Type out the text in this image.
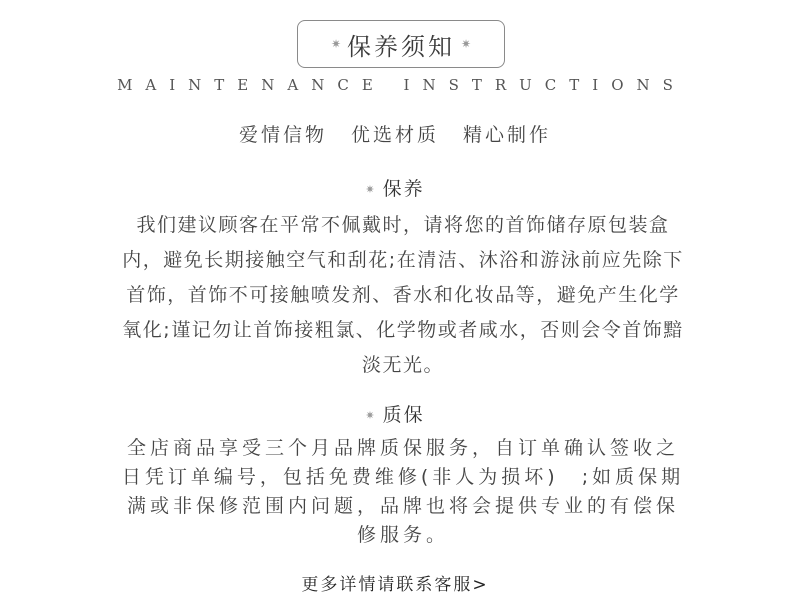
✷ 保养须知 ✷
MAINTENANCE INSTRUCTIONS
爱情信物 优选材质 精心制作
✷ 保养
我们建议顾客在平常不佩戴时，请将您的首饰储存原包装盒内，避免长期接触空气和刮花;在清洁、沐浴和游泳前应先除下首饰，首饰不可接触喷发剂、香水和化妆品等，避免产生化学氧化;谨记勿让首饰接粗氯、化学物或者咸水，否则会令首饰黯淡无光。
✷ 质保
全店商品享受三个月品牌质保服务，自订单确认签收之日凭订单编号，包括免费维修(非人为损坏)　;如质保期满或非保修范围内问题，品牌也将会提供专业的有偿保修服务。
更多详情请联系客服>
